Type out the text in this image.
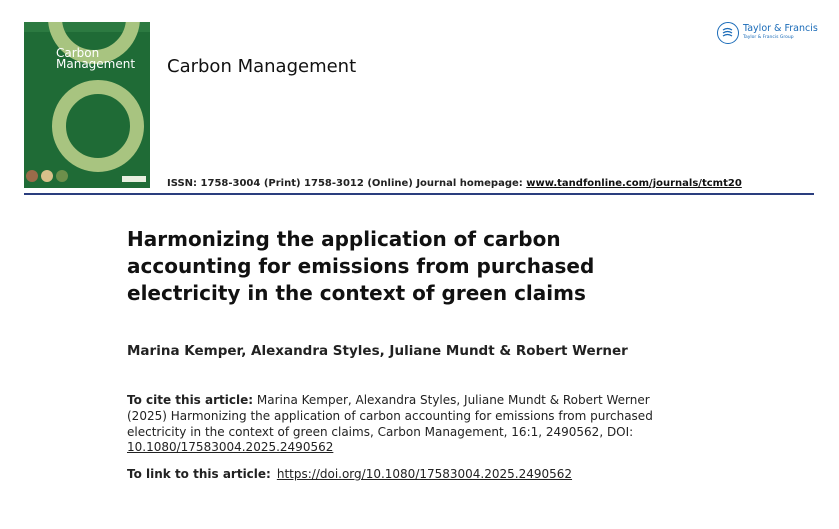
Carbon
Management Carbon Management
ISSN: 1758-3004 (Print) 1758-3012 (Online) Journal homepage: www.tandfonline.com/journals/tcmt20
Taylor & Francis
Taylor & Francis Group
Harmonizing the application of carbon accounting for emissions from purchased electricity in the context of green claims
Marina Kemper, Alexandra Styles, Juliane Mundt & Robert Werner
To cite this article: Marina Kemper, Alexandra Styles, Juliane Mundt & Robert Werner (2025) Harmonizing the application of carbon accounting for emissions from purchased electricity in the context of green claims, Carbon Management, 16:1, 2490562, DOI: 10.1080/17583004.2025.2490562
To link to this article: https://doi.org/10.1080/17583004.2025.2490562
